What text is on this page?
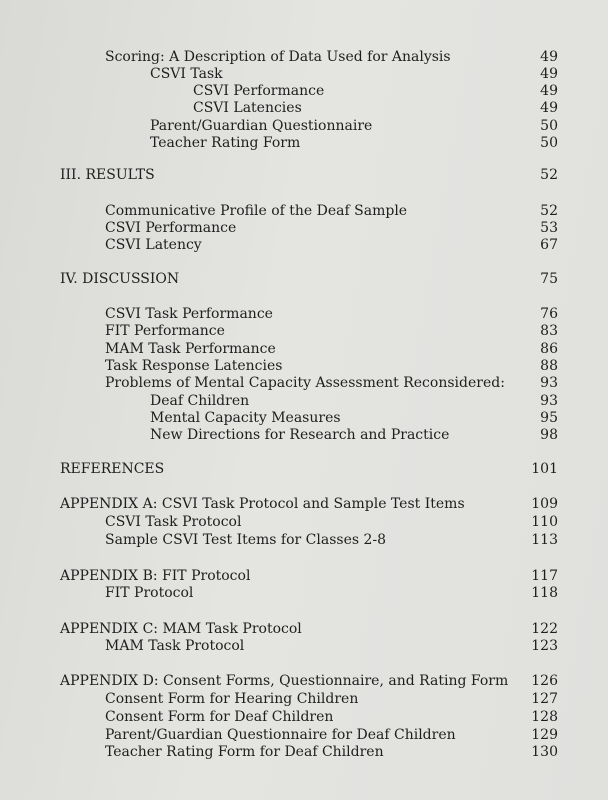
Scoring: A Description of Data Used for Analysis	49
CSVI Task	49
CSVI Performance	49
CSVI Latencies	49
Parent/Guardian Questionnaire	50
Teacher Rating Form	50
III. RESULTS	52
Communicative Profile of the Deaf Sample	52
CSVI Performance	53
CSVI Latency	67
IV. DISCUSSION	75
CSVI Task Performance	76
FIT Performance	83
MAM Task Performance	86
Task Response Latencies	88
Problems of Mental Capacity Assessment Reconsidered:	93
Deaf Children	93
Mental Capacity Measures	95
New Directions for Research and Practice	98
REFERENCES	101
APPENDIX A: CSVI Task Protocol and Sample Test Items	109
CSVI Task Protocol	110
Sample CSVI Test Items for Classes 2-8	113
APPENDIX B: FIT Protocol	117
FIT Protocol	118
APPENDIX C: MAM Task Protocol	122
MAM Task Protocol	123
APPENDIX D: Consent Forms, Questionnaire, and Rating Form 126
Consent Form for Hearing Children	127
Consent Form for Deaf Children	128
Parent/Guardian Questionnaire for Deaf Children	129
Teacher Rating Form for Deaf Children	130
